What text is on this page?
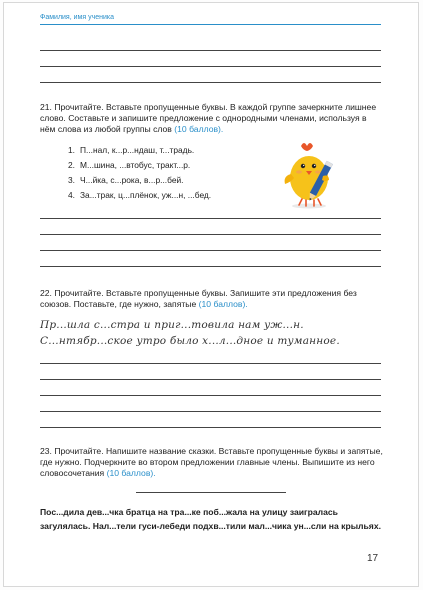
Фамилия, имя ученика
21. Прочитайте. Вставьте пропущенные буквы. В каждой группе зачеркните лишнее слово. Составьте и запишите предложение с однородными членами, используя в нём слова из любой группы слов (10 баллов).
1. П...нал, к...р...ндаш, т...традь.
2. М...шина, ...втобус, тракт...р.
3. Ч...йка, с...рока, в...р...бей.
4. За...трак, ц...плёнок, уж...н, ...бед.
22. Прочитайте. Вставьте пропущенные буквы. Запишите эти предложения без союзов. Поставьте, где нужно, запятые (10 баллов).
Пр...шла с...стра и приг...товила нам уж...н.
С...нтябр...ское утро было х...л...дное и туманное.
23. Прочитайте. Напишите название сказки. Вставьте пропущенные буквы и запятые, где нужно. Подчеркните во втором предложении главные члены. Выпишите из него словосочетания (10 баллов).
Пос...дила дев...чка братца на тра...ке поб...жала на улицу заигралась загулялась. Нал...тели гуси-лебеди подхв...тили мал...чика ун...сли на крыльях.
17
